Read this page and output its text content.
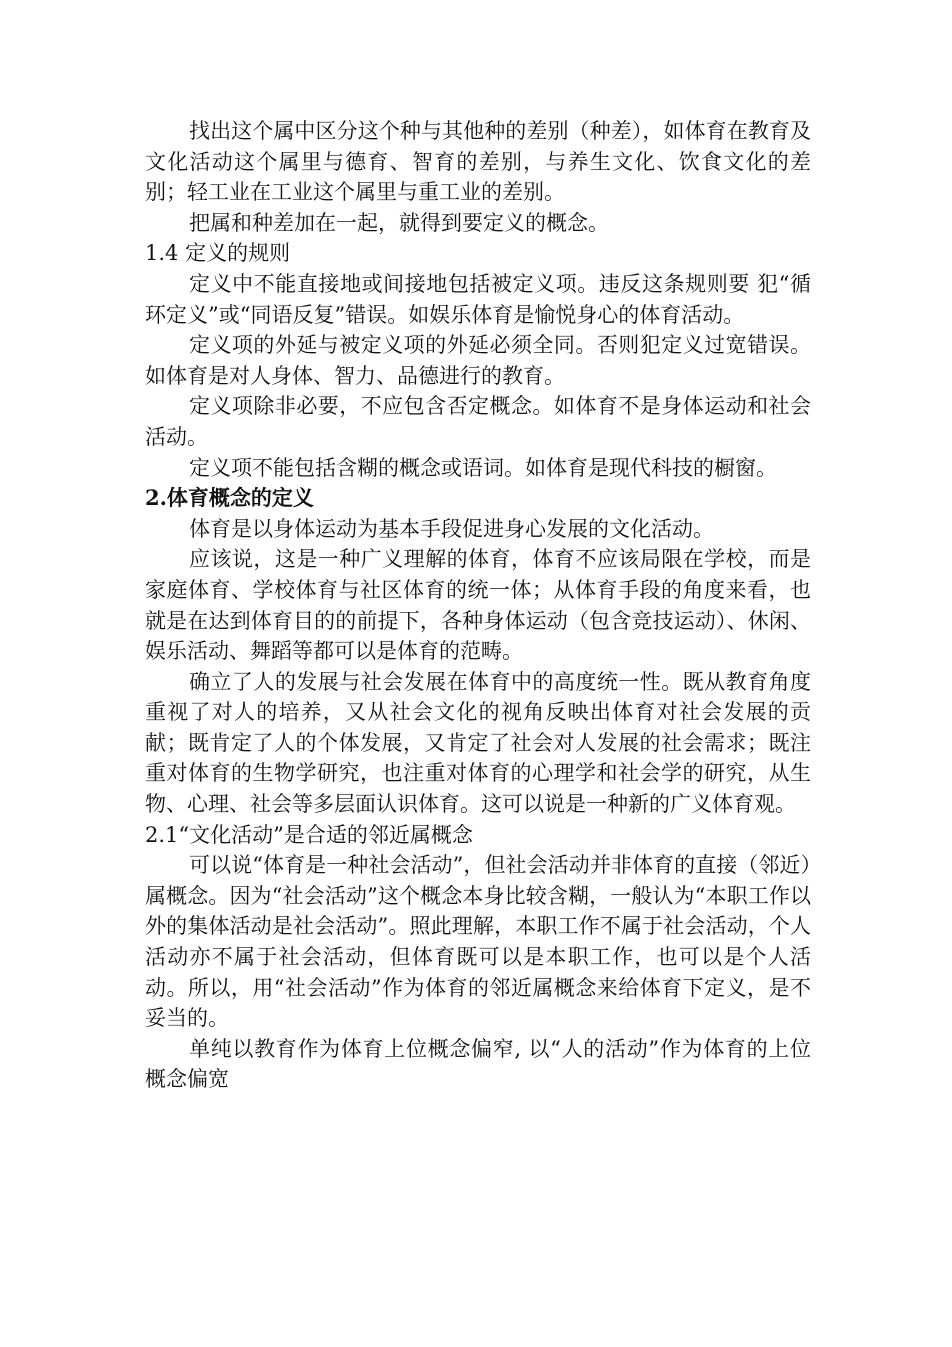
找出这个属中区分这个种与其他种的差别（种差），如体育在教育及文化活动这个属里与德育、智育的差别，与养生文化、饮食文化的差别；轻工业在工业这个属里与重工业的差别。

把属和种差加在一起，就得到要定义的概念。

1.4 定义的规则

定义中不能直接地或间接地包括被定义项。违反这条规则要 犯“循环定义”或“同语反复”错误。如娱乐体育是愉悦身心的体育活动。

定义项的外延与被定义项的外延必须全同。否则犯定义过宽错误。如体育是对人身体、智力、品德进行的教育。

定义项除非必要，不应包含否定概念。如体育不是身体运动和社会活动。

定义项不能包括含糊的概念或语词。如体育是现代科技的橱窗。

2.体育概念的定义

体育是以身体运动为基本手段促进身心发展的文化活动。

应该说，这是一种广义理解的体育，体育不应该局限在学校，而是家庭体育、学校体育与社区体育的统一体；从体育手段的角度来看，也就是在达到体育目的的前提下，各种身体运动（包含竞技运动）、休闲、娱乐活动、舞蹈等都可以是体育的范畴。

确立了人的发展与社会发展在体育中的高度统一性。既从教育角度重视了对人的培养，又从社会文化的视角反映出体育对社会发展的贡献；既肯定了人的个体发展，又肯定了社会对人发展的社会需求；既注重对体育的生物学研究，也注重对体育的心理学和社会学的研究，从生物、心理、社会等多层面认识体育。这可以说是一种新的广义体育观。

2.1“文化活动”是合适的邻近属概念

可以说“体育是一种社会活动”，但社会活动并非体育的直接（邻近）属概念。因为“社会活动”这个概念本身比较含糊，一般认为“本职工作以外的集体活动是社会活动”。照此理解，本职工作不属于社会活动，个人活动亦不属于社会活动，但体育既可以是本职工作，也可以是个人活动。所以，用“社会活动”作为体育的邻近属概念来给体育下定义，是不妥当的。

单纯以教育作为体育上位概念偏窄, 以“人的活动”作为体育的上位概念偏宽
